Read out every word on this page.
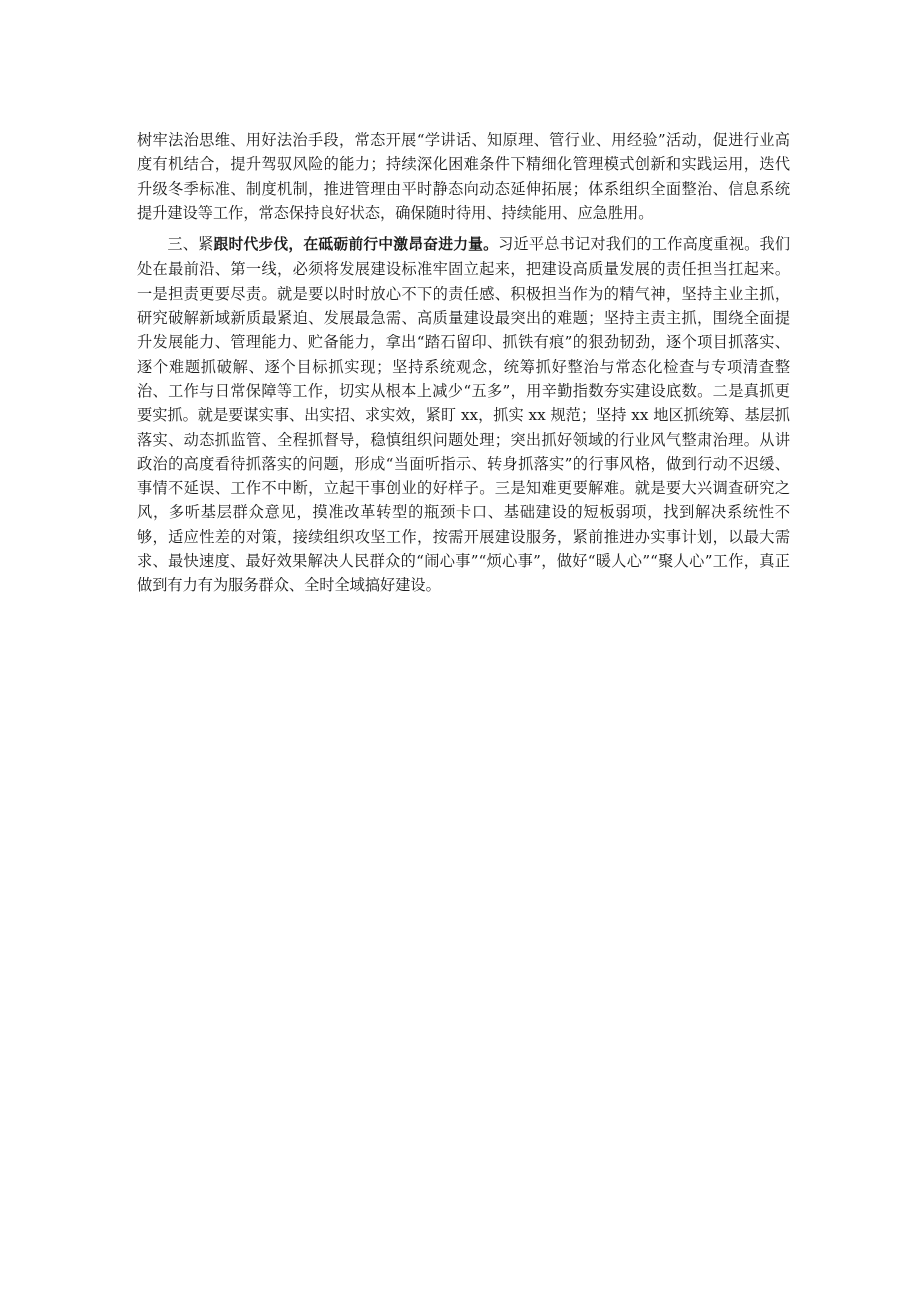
树牢法治思维、用好法治手段，常态开展“学讲话、知原理、管行业、用经验”活动，促进行业高度有机结合，提升驾驭风险的能力；持续深化困难条件下精细化管理模式创新和实践运用，迭代升级冬季标准、制度机制，推进管理由平时静态向动态延伸拓展；体系组织全面整治、信息系统提升建设等工作，常态保持良好状态，确保随时待用、持续能用、应急胜用。

三、紧跟时代步伐，在砥砺前行中激昂奋进力量。习近平总书记对我们的工作高度重视。我们处在最前沿、第一线，必须将发展建设标准牢固立起来，把建设高质量发展的责任担当扛起来。一是担责更要尽责。就是要以时时放心不下的责任感、积极担当作为的精气神，坚持主业主抓，研究破解新域新质最紧迫、发展最急需、高质量建设最突出的难题；坚持主责主抓，围绕全面提升发展能力、管理能力、贮备能力，拿出“踏石留印、抓铁有痕”的狠劲韧劲，逐个项目抓落实、逐个难题抓破解、逐个目标抓实现；坚持系统观念，统筹抓好整治与常态化检查与专项清查整治、工作与日常保障等工作，切实从根本上减少“五多”，用辛勤指数夯实建设底数。二是真抓更要实抓。就是要谋实事、出实招、求实效，紧盯 xx，抓实 xx 规范；坚持 xx 地区抓统筹、基层抓落实、动态抓监管、全程抓督导，稳慎组织问题处理；突出抓好领域的行业风气整肃治理。从讲政治的高度看待抓落实的问题，形成“当面听指示、转身抓落实”的行事风格，做到行动不迟缓、事情不延误、工作不中断，立起干事创业的好样子。三是知难更要解难。就是要大兴调查研究之风，多听基层群众意见，摸准改革转型的瓶颈卡口、基础建设的短板弱项，找到解决系统性不够，适应性差的对策，接续组织攻坚工作，按需开展建设服务，紧前推进办实事计划，以最大需求、最快速度、最好效果解决人民群众的“闹心事”“烦心事”，做好“暖人心”“聚人心”工作，真正做到有力有为服务群众、全时全域搞好建设。
